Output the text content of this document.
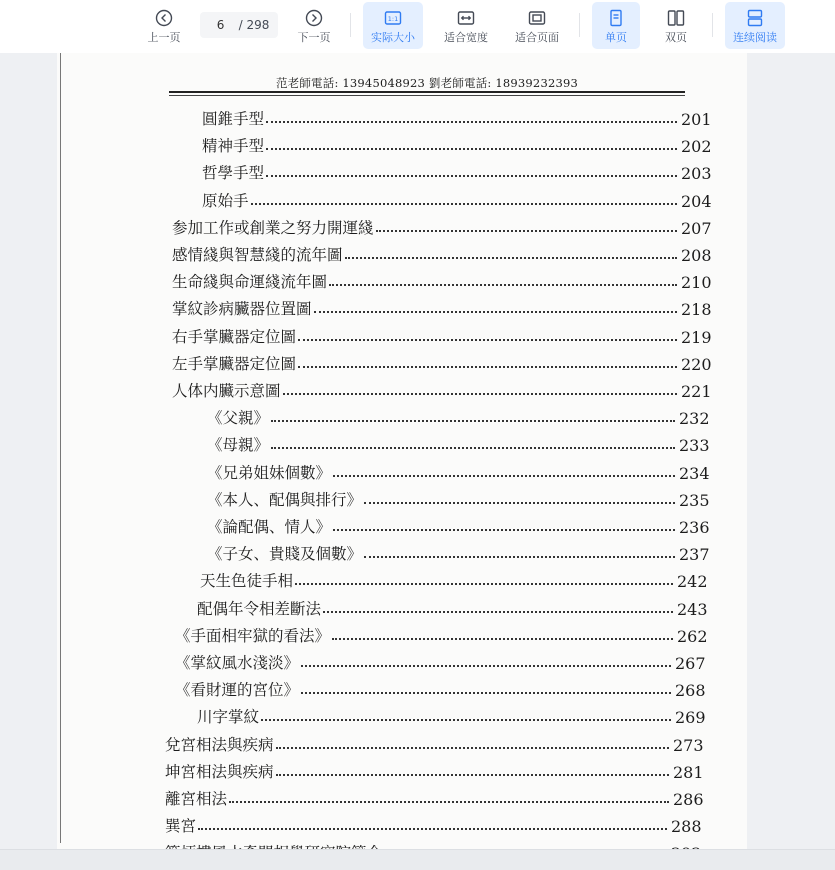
上一页
6
/ 298
下一页
1:1
实际大小	适合宽度 适合页面	单页	双页	连续阅读
范老師電話: 13945048923 劉老師電話: 18939232393
圓錐手型	201
精神手型	202
哲學手型	203
原始手	204
参加工作或創業之努力開運綫	207
感情綫與智慧綫的流年圖	208
生命綫與命運綫流年圖	210
掌紋診病臟器位置圖	218
右手掌臟器定位圖	219
左手掌臟器定位圖	220
人体内臟示意圖	221
《父親》	232
《母親》	233
《兄弟姐妹個數》	234
《本人、配偶與排行》	235
《論配偶、情人》	236
《子女、貴賤及個數》	237
天生色徒手相	242
配偶年令相差斷法	243
《手面相牢獄的看法》	262
《掌紋風水淺淡》	267
《看財運的宮位》	268
川字掌紋	269
兌宮相法與疾病	273
坤宮相法與疾病	281
離宮相法	286
巽宮	288
